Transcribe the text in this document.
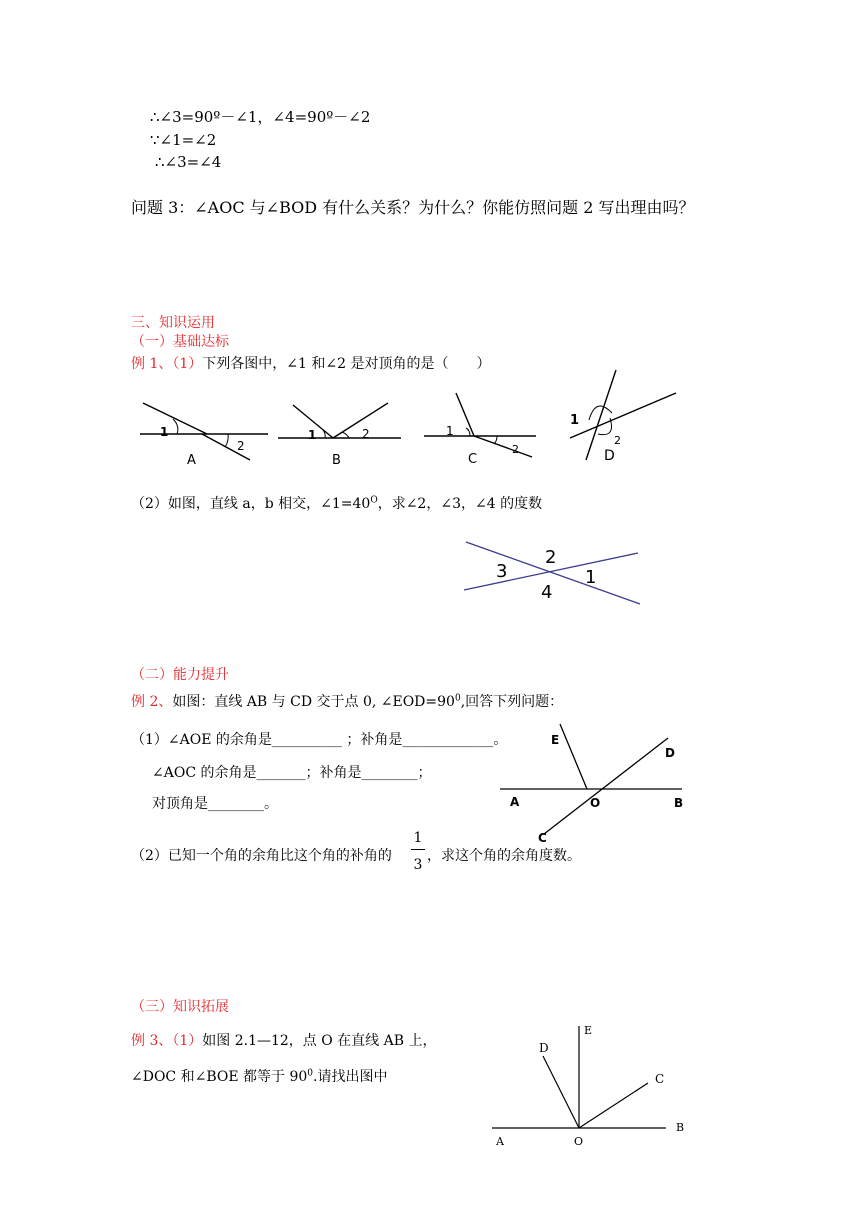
∴∠3=90º－∠1，∠4=90º－∠2
∵∠1=∠2
∴∠3=∠4
问题 3：∠AOC 与∠BOD 有什么关系？为什么？你能仿照问题 2 写出理由吗？
三、知识运用
（一）基础达标
例 1、（1）下列各图中，∠1 和∠2 是对顶角的是（　　）
1
2
A
1	2
B
1
2
C
1
2
D
（2）如图，直线 a，b 相交，$\angle 1=40^O$，求∠2，∠3，∠4 的度数
2
3	1
4
（二）能力提升
例 2、如图：直线 AB 与 CD 交于点 0, $\angle EOD=90^0$,回答下列问题：
（1）∠AOE 的余角是__________ ；补角是_____________。
∠AOC 的余角是_______；补角是________；
对顶角是________。
E
D
A	O	B
C
（2）已知一个角的余角比这个角的补角的
1
3
，求这个角的余角度数。
（三）知识拓展
例 3、（1）如图 2.1—12，点 O 在直线 AB 上，
∠DOC 和∠BOE 都等于 $90^0$.请找出图中
E
D
C
A	O
B
